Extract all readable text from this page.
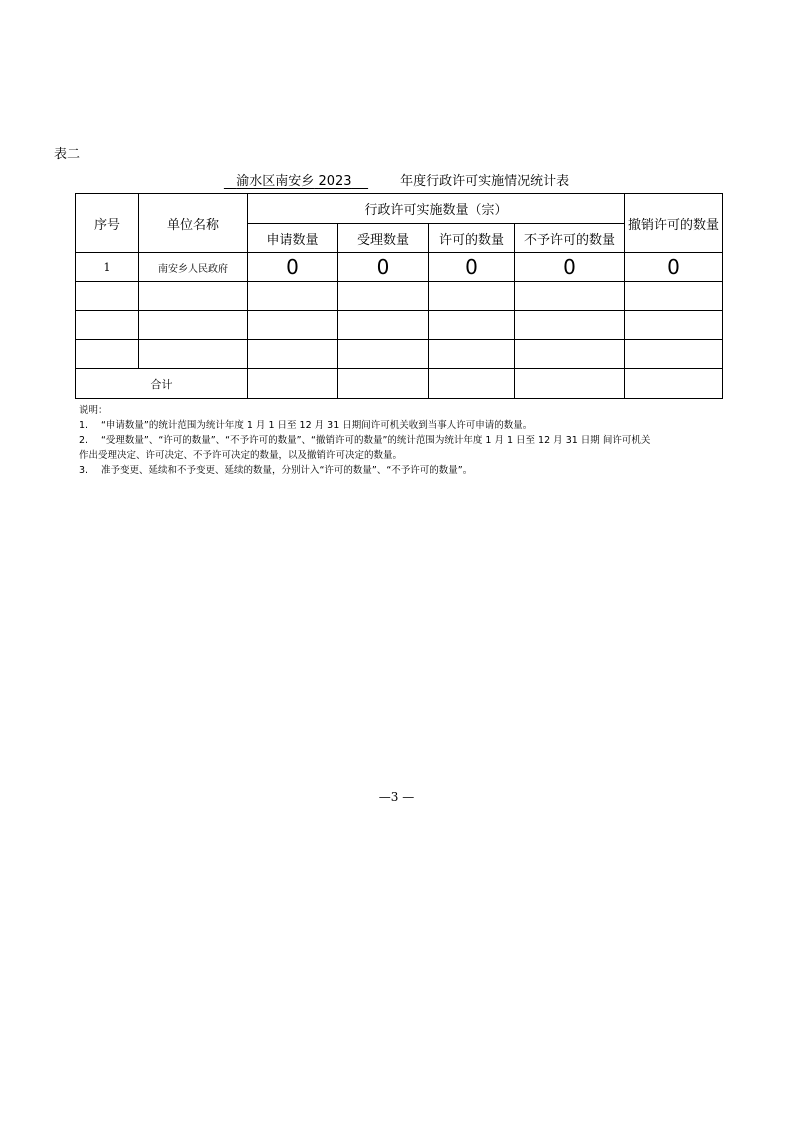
表二
渝水区南安乡 2023	年度行政许可实施情况统计表
序号	单位名称	行政许可实施数量（宗）				撤销许可的数量
		申请数量	受理数量	许可的数量	不予许可的数量	
1	南安乡人民政府	0	0	0	0	0

合计						
说明：
1.	“申请数量”的统计范围为统计年度 1 月 1 日至 12 月 31 日期间许可机关收到当事人许可申请的数量。
2.	“受理数量”、“许可的数量”、“不予许可的数量”、“撤销许可的数量”的统计范围为统计年度 1 月 1 日至 12 月 31 日期 间许可机关
作出受理决定、许可决定、不予许可决定的数量，以及撤销许可决定的数量。
3.	准予变更、延续和不予变更、延续的数量，分别计入“许可的数量”、“不予许可的数量”。
—3 —
